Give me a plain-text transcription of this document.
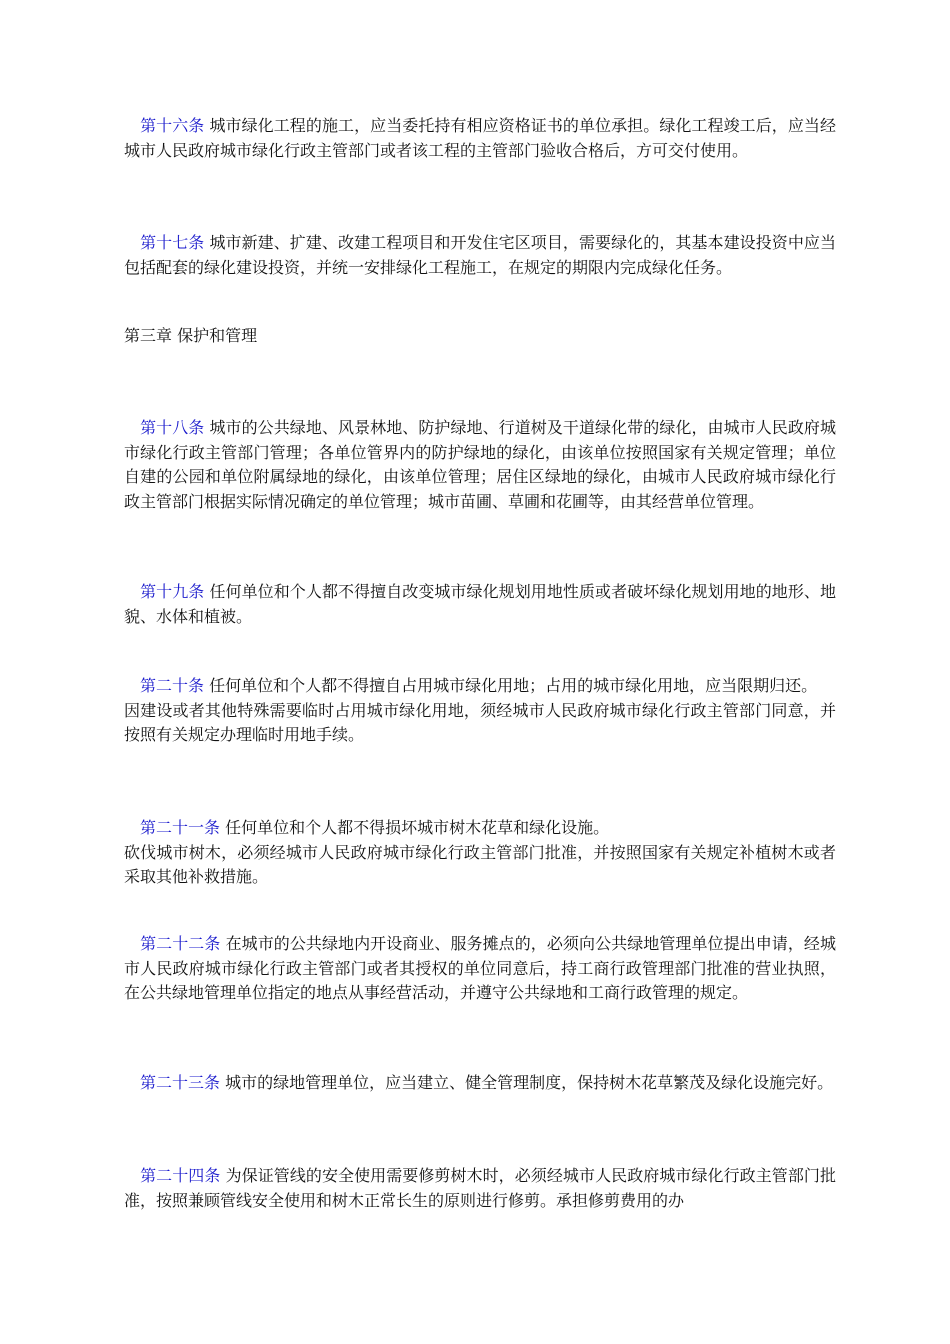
 第十六条 城市绿化工程的施工，应当委托持有相应资格证书的单位承担。绿化工程竣工后，应当经城市人民政府城市绿化行政主管部门或者该工程的主管部门验收合格后，方可交付使用。

 第十七条 城市新建、扩建、改建工程项目和开发住宅区项目，需要绿化的，其基本建设投资中应当包括配套的绿化建设投资，并统一安排绿化工程施工，在规定的期限内完成绿化任务。

第三章 保护和管理

 第十八条 城市的公共绿地、风景林地、防护绿地、行道树及干道绿化带的绿化，由城市人民政府城市绿化行政主管部门管理；各单位管界内的防护绿地的绿化，由该单位按照国家有关规定管理；单位自建的公园和单位附属绿地的绿化，由该单位管理；居住区绿地的绿化，由城市人民政府城市绿化行政主管部门根据实际情况确定的单位管理；城市苗圃、草圃和花圃等，由其经营单位管理。

 第十九条 任何单位和个人都不得擅自改变城市绿化规划用地性质或者破坏绿化规划用地的地形、地貌、水体和植被。

 第二十条 任何单位和个人都不得擅自占用城市绿化用地；占用的城市绿化用地，应当限期归还。
因建设或者其他特殊需要临时占用城市绿化用地，须经城市人民政府城市绿化行政主管部门同意，并按照有关规定办理临时用地手续。

 第二十一条 任何单位和个人都不得损坏城市树木花草和绿化设施。
砍伐城市树木，必须经城市人民政府城市绿化行政主管部门批准，并按照国家有关规定补植树木或者采取其他补救措施。

 第二十二条 在城市的公共绿地内开设商业、服务摊点的，必须向公共绿地管理单位提出申请，经城市人民政府城市绿化行政主管部门或者其授权的单位同意后，持工商行政管理部门批准的营业执照，在公共绿地管理单位指定的地点从事经营活动，并遵守公共绿地和工商行政管理的规定。

 第二十三条 城市的绿地管理单位，应当建立、健全管理制度，保持树木花草繁茂及绿化设施完好。

 第二十四条 为保证管线的安全使用需要修剪树木时，必须经城市人民政府城市绿化行政主管部门批准，按照兼顾管线安全使用和树木正常长生的原则进行修剪。承担修剪费用的办
